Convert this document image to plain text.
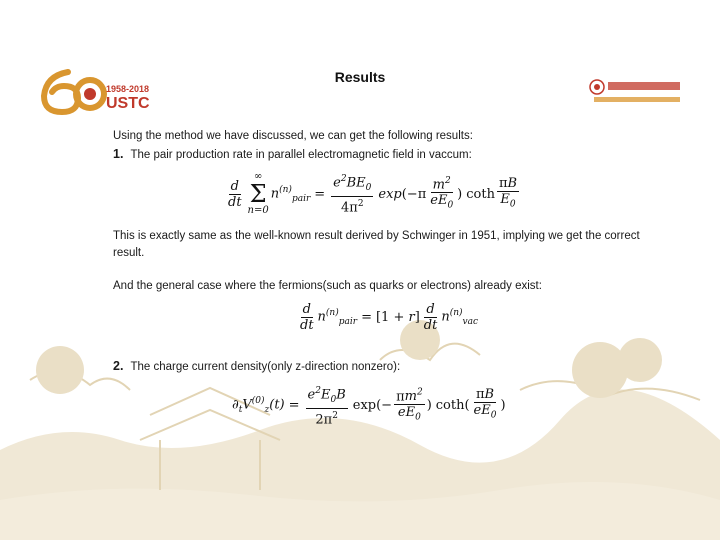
1958-2018
USTC
Results
Using the method we have discussed, we can get the following results:
1. The pair production rate in parallel electromagnetic field in vaccum:
$\frac{d}{dt}$
∞
Σ
n=0
$n^{(n)}_{pair} = \frac{e^2BE_0}{4\pi^2}$ $\exp (-\pi \frac{m^2}{eE_0}$ ) coth $\frac{\pi B}{E_0}$
This is exactly same as the well-known result derived by Schwinger in 1951, implying we get the correct result.
And the general case where the fermions(such as quarks or electrons) already exist:
$\frac{d}{dt} n^{(n)}_{pair} = [1 + r] \frac{d}{dt} n^{(n)}_{vac}$
2. The charge current density(only z-direction nonzero):
$\partial_tV^{(0)}_z(t) = \frac{e^2E_0B}{2\pi^2} \exp(- \frac{\pi m^2}{eE_0}$ ) $\cot h( \frac{\pi B}{eE_0}$ )
